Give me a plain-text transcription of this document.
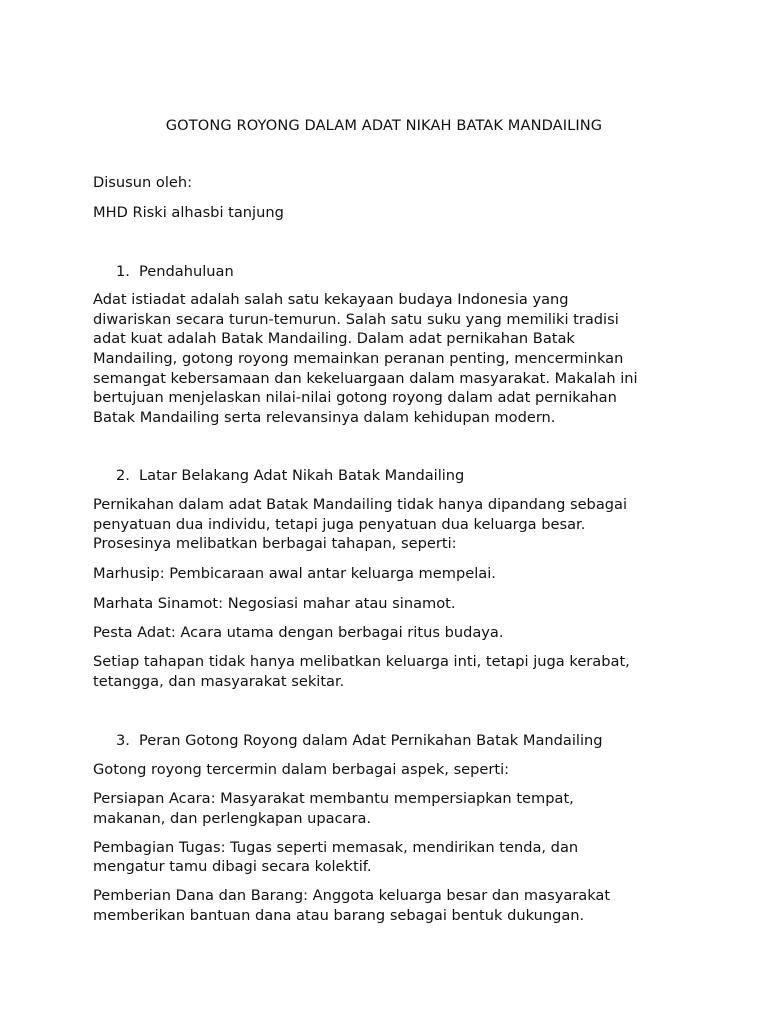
GOTONG ROYONG DALAM ADAT NIKAH BATAK MANDAILING
Disusun oleh:
MHD Riski alhasbi tanjung
1. Pendahuluan
Adat istiadat adalah salah satu kekayaan budaya Indonesia yang
diwariskan secara turun-temurun. Salah satu suku yang memiliki tradisi
adat kuat adalah Batak Mandailing. Dalam adat pernikahan Batak
Mandailing, gotong royong memainkan peranan penting, mencerminkan
semangat kebersamaan dan kekeluargaan dalam masyarakat. Makalah ini
bertujuan menjelaskan nilai-nilai gotong royong dalam adat pernikahan
Batak Mandailing serta relevansinya dalam kehidupan modern.
2. Latar Belakang Adat Nikah Batak Mandailing
Pernikahan dalam adat Batak Mandailing tidak hanya dipandang sebagai
penyatuan dua individu, tetapi juga penyatuan dua keluarga besar.
Prosesinya melibatkan berbagai tahapan, seperti:
Marhusip: Pembicaraan awal antar keluarga mempelai.
Marhata Sinamot: Negosiasi mahar atau sinamot.
Pesta Adat: Acara utama dengan berbagai ritus budaya.
Setiap tahapan tidak hanya melibatkan keluarga inti, tetapi juga kerabat,
tetangga, dan masyarakat sekitar.
3. Peran Gotong Royong dalam Adat Pernikahan Batak Mandailing
Gotong royong tercermin dalam berbagai aspek, seperti:
Persiapan Acara: Masyarakat membantu mempersiapkan tempat,
makanan, dan perlengkapan upacara.
Pembagian Tugas: Tugas seperti memasak, mendirikan tenda, dan
mengatur tamu dibagi secara kolektif.
Pemberian Dana dan Barang: Anggota keluarga besar dan masyarakat
memberikan bantuan dana atau barang sebagai bentuk dukungan.
